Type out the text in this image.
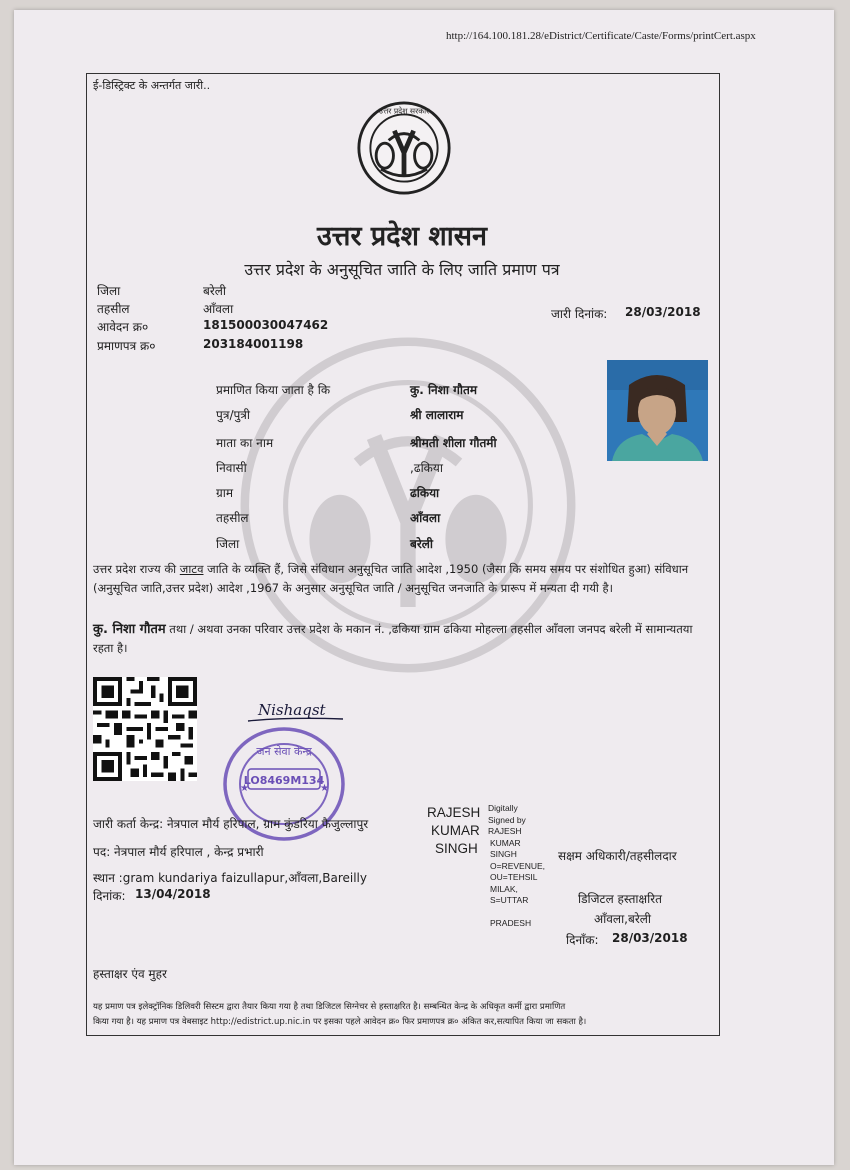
http://164.100.181.28/eDistrict/Certificate/Caste/Forms/printCert.aspx
ई-डिस्ट्रिक्ट के अन्तर्गत जारी..
उत्तर प्रदेश सरकार
उत्तर प्रदेश शासन
उत्तर प्रदेश के अनुसूचित जाति के लिए जाति प्रमाण पत्र
जिला	बरेली
तहसील	आँवला
आवेदन क्र०	181500030047462
प्रमाणपत्र क्र०	203184001198
जारी दिनांक: 28/03/2018
प्रमाणित किया जाता है कि	कु. निशा गौतम
पुत्र/पुत्री	श्री लालाराम
माता का नाम	श्रीमती शीला गौतमी
निवासी	,ढकिया
ग्राम	ढकिया
तहसील	आँवला
जिला	बरेली
उत्तर प्रदेश राज्य की जाटव जाति के व्यक्ति हैं, जिसे संविधान अनुसूचित जाति आदेश ,1950 (जैसा कि समय समय पर संशोधित हुआ) संविधान (अनुसूचित जाति,उत्तर प्रदेश) आदेश ,1967 के अनुसार अनुसूचित जाति / अनुसूचित जनजाति के प्रारूप में मन्यता दी गयी है।
कु. निशा गौतम तथा / अथवा उनका परिवार उत्तर प्रदेश के मकान नं. ,ढकिया ग्राम ढकिया मोहल्ला तहसील आँवला जनपद बरेली में सामान्यतया रहता है।
Nishaqst
जन सेवा केन्द्र
LO8469M134
★	★
जारी कर्ता केन्द्र: नेत्रपाल मौर्य हरिपाल, ग्राम कुंडरिया फैजुल्लापुर
पद: नेत्रपाल मौर्य हरिपाल , केन्द्र प्रभारी
स्थान :gram kundariya faizullapur,आँवला,Bareilly
दिनांक: 13/04/2018
RAJESH
KUMAR
SINGH
Digitally
Signed by
RAJESH
KUMAR
SINGH
O=REVENUE,
OU=TEHSIL
MILAK,
S=UTTAR
PRADESH
सक्षम अधिकारी/तहसीलदार
डिजिटल हस्ताक्षरित
आँवला,बरेली
दिनाँक: 28/03/2018
हस्ताक्षर एंव मुहर
यह प्रमाण पत्र इलेक्ट्रॉनिक डिलिवरी सिस्टम द्वारा तैयार किया गया है तथा डिजिटल सिग्नेचर से हस्ताक्षरित है। सम्बन्धित केन्द्र के अधिकृत कर्मी द्वारा प्रमाणित
किया गया है। यह प्रमाण पत्र वेबसाइट http://edistrict.up.nic.in पर इसका पहले आवेदन क्र० फिर प्रमाणपत्र क्र० अंकित कर,सत्यापित किया जा सकता है।
